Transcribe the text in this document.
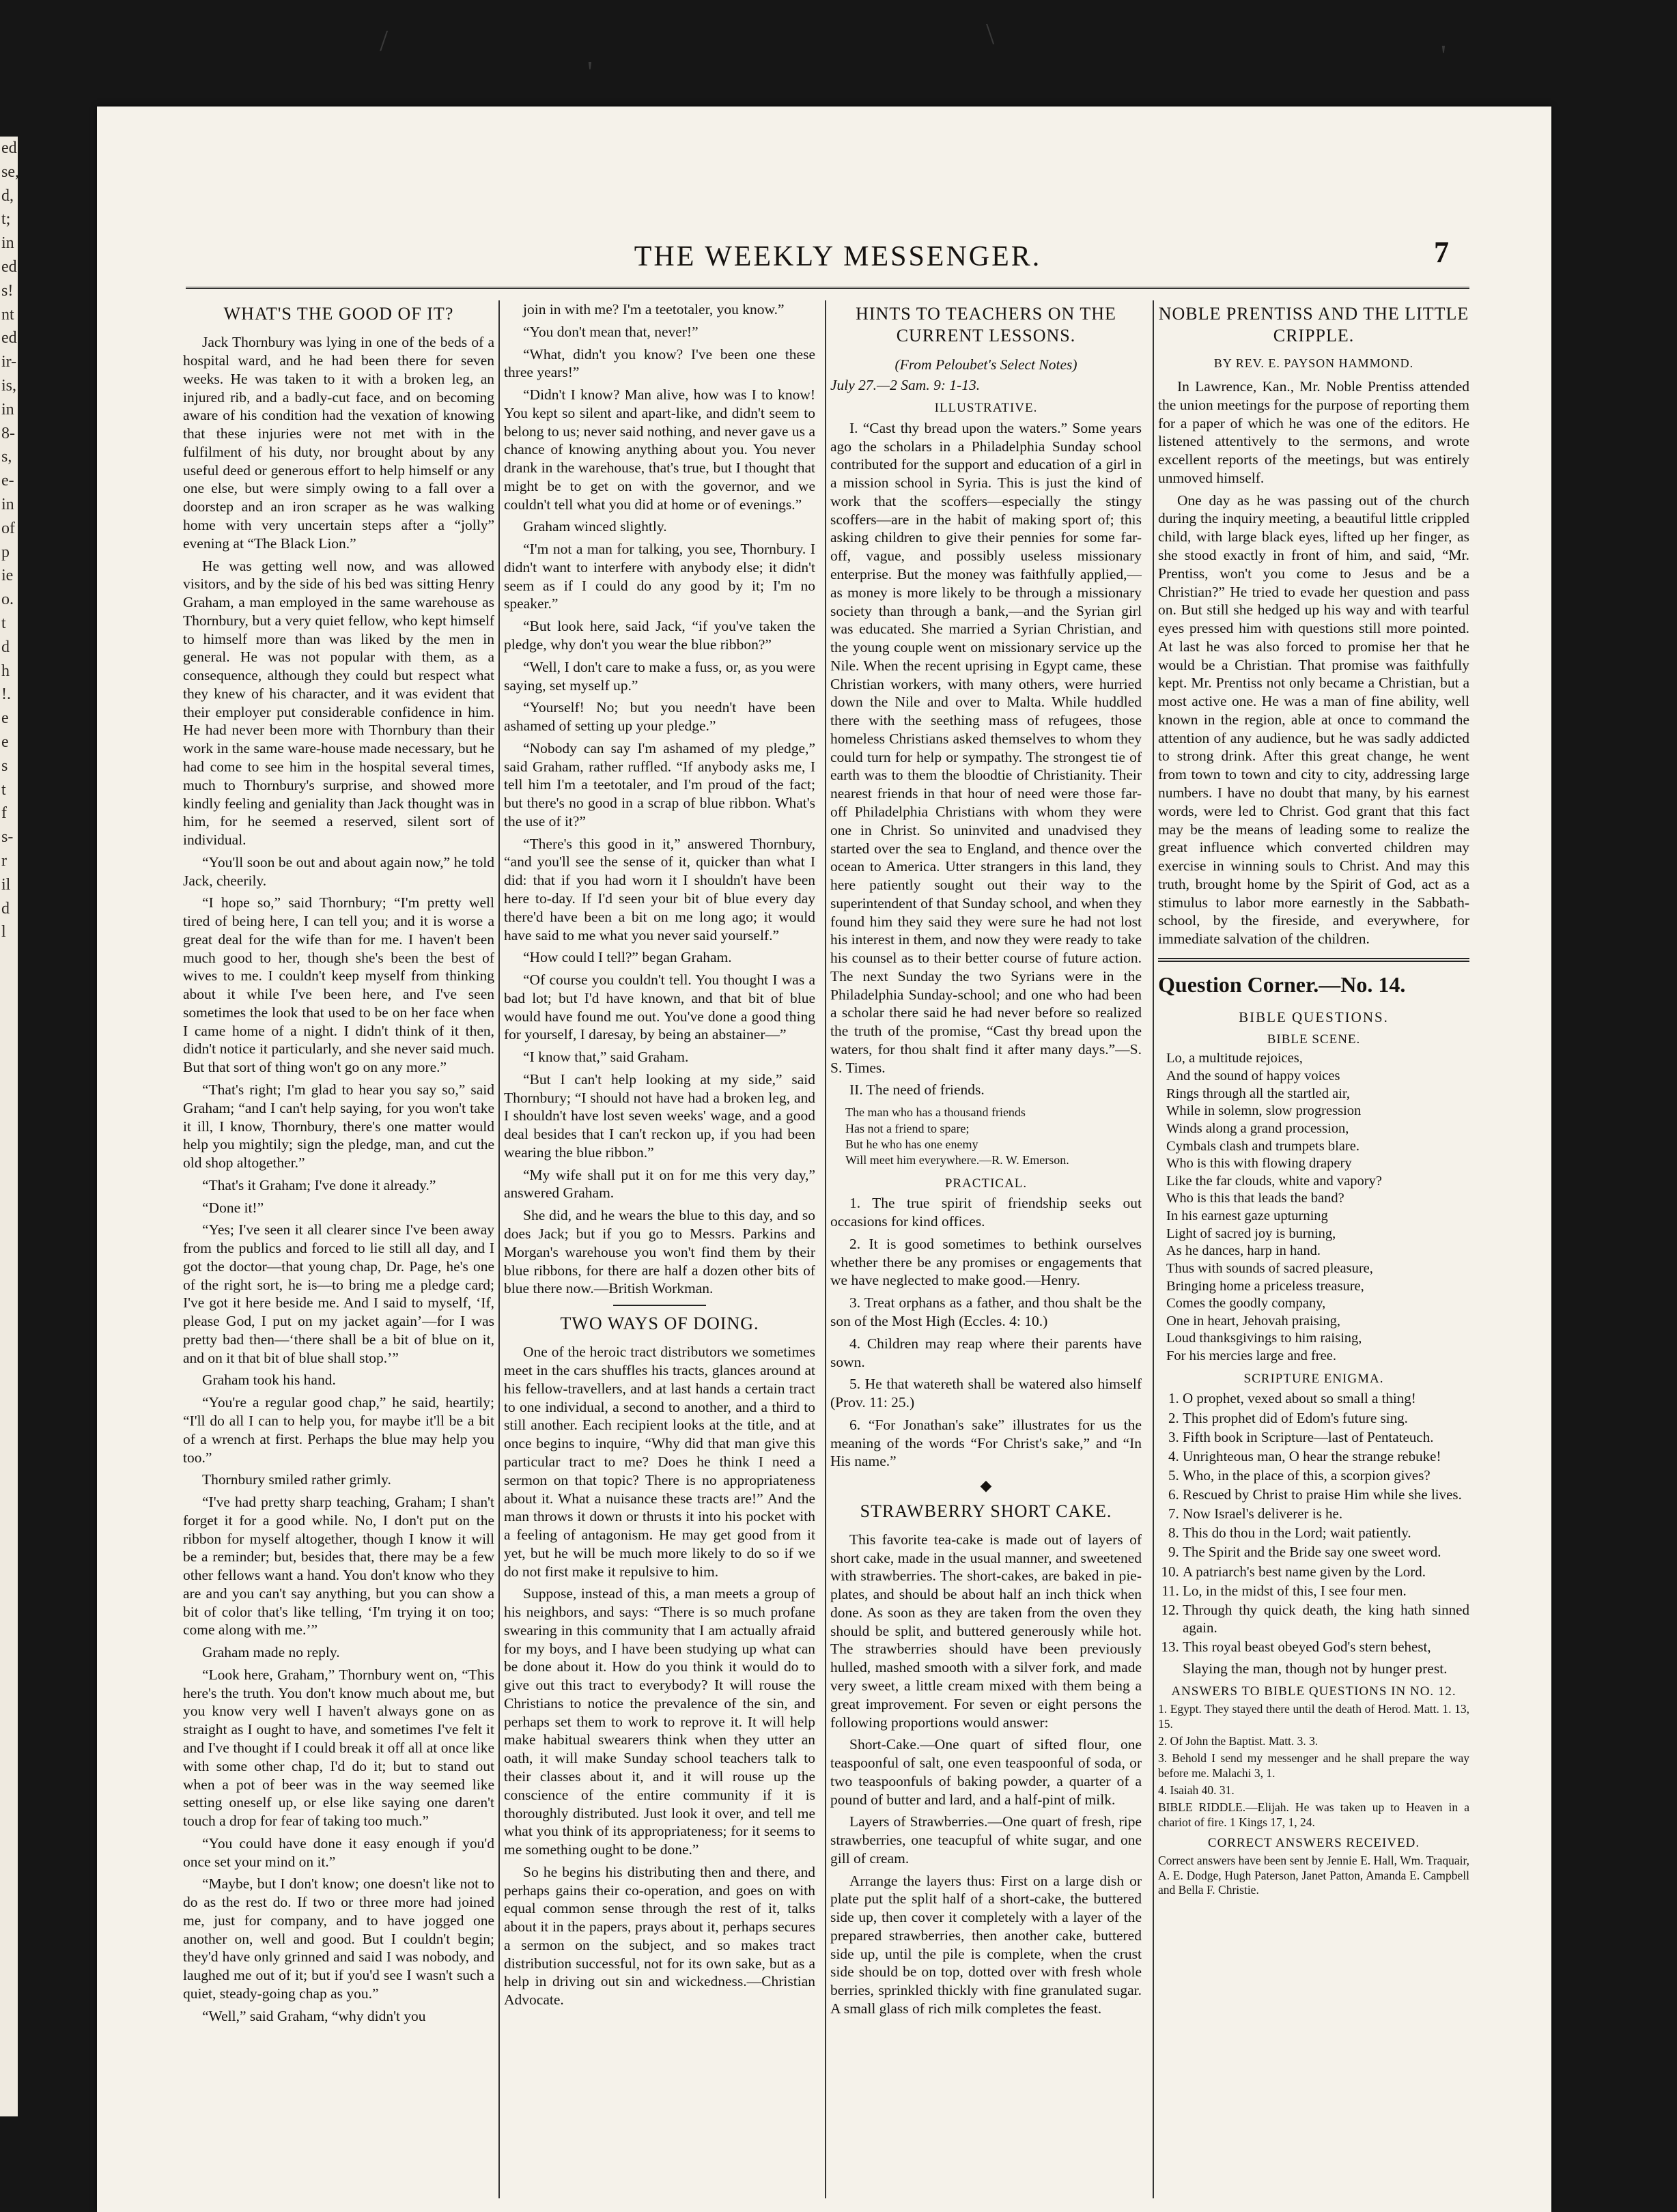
ed
se,
d,
t;
in
ed
s!
nt
ed
ir-
is,
in
8-
s,
e-
in
of
p
ie
o.
t
d
h
!.
e
e
s
t
f
s-
r
il
d
l
/
'
\
'
THE WEEKLY MESSENGER.	7
WHAT'S THE GOOD OF IT?

Jack Thornbury was lying in one of the beds of a hospital ward, and he had been there for seven weeks. He was taken to it with a broken leg, an injured rib, and a badly-cut face, and on becoming aware of his condition had the vexation of knowing that these injuries were not met with in the fulfilment of his duty, nor brought about by any useful deed or generous effort to help himself or any one else, but were simply owing to a fall over a doorstep and an iron scraper as he was walking home with very uncertain steps after a “jolly” evening at “The Black Lion.”

He was getting well now, and was allowed visitors, and by the side of his bed was sitting Henry Graham, a man employed in the same warehouse as Thornbury, but a very quiet fellow, who kept himself to himself more than was liked by the men in general. He was not popular with them, as a consequence, although they could but respect what they knew of his character, and it was evident that their employer put considerable confidence in him. He had never been more with Thornbury than their work in the same ware-house made necessary, but he had come to see him in the hospital several times, much to Thornbury's surprise, and showed more kindly feeling and geniality than Jack thought was in him, for he seemed a reserved, silent sort of individual.

“You'll soon be out and about again now,” he told Jack, cheerily.

“I hope so,” said Thornbury; “I'm pretty well tired of being here, I can tell you; and it is worse a great deal for the wife than for me. I haven't been much good to her, though she's been the best of wives to me. I couldn't keep myself from thinking about it while I've been here, and I've seen sometimes the look that used to be on her face when I came home of a night. I didn't think of it then, didn't notice it particularly, and she never said much. But that sort of thing won't go on any more.”

“That's right; I'm glad to hear you say so,” said Graham; “and I can't help saying, for you won't take it ill, I know, Thornbury, there's one matter would help you mightily; sign the pledge, man, and cut the old shop altogether.”

“That's it Graham; I've done it already.”

“Done it!”

“Yes; I've seen it all clearer since I've been away from the publics and forced to lie still all day, and I got the doctor—that young chap, Dr. Page, he's one of the right sort, he is—to bring me a pledge card; I've got it here beside me. And I said to myself, ‘If, please God, I put on my jacket again’—for I was pretty bad then—‘there shall be a bit of blue on it, and on it that bit of blue shall stop.’”

Graham took his hand.

“You're a regular good chap,” he said, heartily; “I'll do all I can to help you, for maybe it'll be a bit of a wrench at first. Perhaps the blue may help you too.”

Thornbury smiled rather grimly.

“I've had pretty sharp teaching, Graham; I shan't forget it for a good while. No, I don't put on the ribbon for myself altogether, though I know it will be a reminder; but, besides that, there may be a few other fellows want a hand. You don't know who they are and you can't say anything, but you can show a bit of color that's like telling, ‘I'm trying it on too; come along with me.’”

Graham made no reply.

“Look here, Graham,” Thornbury went on, “This here's the truth. You don't know much about me, but you know very well I haven't always gone on as straight as I ought to have, and sometimes I've felt it and I've thought if I could break it off all at once like with some other chap, I'd do it; but to stand out when a pot of beer was in the way seemed like setting oneself up, or else like saying one daren't touch a drop for fear of taking too much.”

“You could have done it easy enough if you'd once set your mind on it.”

“Maybe, but I don't know; one doesn't like not to do as the rest do. If two or three more had joined me, just for company, and to have jogged one another on, well and good. But I couldn't begin; they'd have only grinned and said I was nobody, and laughed me out of it; but if you'd see I wasn't such a quiet, steady-going chap as you.”

“Well,” said Graham, “why didn't you

join in with me? I'm a teetotaler, you know.”

“You don't mean that, never!”

“What, didn't you know? I've been one these three years!”

“Didn't I know? Man alive, how was I to know! You kept so silent and apart-like, and didn't seem to belong to us; never said nothing, and never gave us a chance of knowing anything about you. You never drank in the warehouse, that's true, but I thought that might be to get on with the governor, and we couldn't tell what you did at home or of evenings.”

Graham winced slightly.

“I'm not a man for talking, you see, Thornbury. I didn't want to interfere with anybody else; it didn't seem as if I could do any good by it; I'm no speaker.”

“But look here, said Jack, “if you've taken the pledge, why don't you wear the blue ribbon?”

“Well, I don't care to make a fuss, or, as you were saying, set myself up.”

“Yourself! No; but you needn't have been ashamed of setting up your pledge.”

“Nobody can say I'm ashamed of my pledge,” said Graham, rather ruffled. “If anybody asks me, I tell him I'm a teetotaler, and I'm proud of the fact; but there's no good in a scrap of blue ribbon. What's the use of it?”

“There's this good in it,” answered Thornbury, “and you'll see the sense of it, quicker than what I did: that if you had worn it I shouldn't have been here to-day. If I'd seen your bit of blue every day there'd have been a bit on me long ago; it would have said to me what you never said yourself.”

“How could I tell?” began Graham.

“Of course you couldn't tell. You thought I was a bad lot; but I'd have known, and that bit of blue would have found me out. You've done a good thing for yourself, I daresay, by being an abstainer—”

“I know that,” said Graham.

“But I can't help looking at my side,” said Thornbury; “I should not have had a broken leg, and I shouldn't have lost seven weeks' wage, and a good deal besides that I can't reckon up, if you had been wearing the blue ribbon.”

“My wife shall put it on for me this very day,” answered Graham.

She did, and he wears the blue to this day, and so does Jack; but if you go to Messrs. Parkins and Morgan's warehouse you won't find them by their blue ribbons, for there are half a dozen other bits of blue there now.—British Workman.

TWO WAYS OF DOING.

One of the heroic tract distributors we sometimes meet in the cars shuffles his tracts, glances around at his fellow-travellers, and at last hands a certain tract to one individual, a second to another, and a third to still another. Each recipient looks at the title, and at once begins to inquire, “Why did that man give this particular tract to me? Does he think I need a sermon on that topic? There is no appropriateness about it. What a nuisance these tracts are!” And the man throws it down or thrusts it into his pocket with a feeling of antagonism. He may get good from it yet, but he will be much more likely to do so if we do not first make it repulsive to him.

Suppose, instead of this, a man meets a group of his neighbors, and says: “There is so much profane swearing in this community that I am actually afraid for my boys, and I have been studying up what can be done about it. How do you think it would do to give out this tract to everybody? It will rouse the Christians to notice the prevalence of the sin, and perhaps set them to work to reprove it. It will help make habitual swearers think when they utter an oath, it will make Sunday school teachers talk to their classes about it, and it will rouse up the conscience of the entire community if it is thoroughly distributed. Just look it over, and tell me what you think of its appropriateness; for it seems to me something ought to be done.”

So he begins his distributing then and there, and perhaps gains their co-operation, and goes on with equal common sense through the rest of it, talks about it in the papers, prays about it, perhaps secures a sermon on the subject, and so makes tract distribution successful, not for its own sake, but as a help in driving out sin and wickedness.—Christian Advocate.

HINTS TO TEACHERS ON THE CURRENT LESSONS.
(From Peloubet's Select Notes)

July 27.—2 Sam. 9: 1-13.

ILLUSTRATIVE.

I. “Cast thy bread upon the waters.” Some years ago the scholars in a Philadelphia Sunday school contributed for the support and education of a girl in a mission school in Syria. This is just the kind of work that the scoffers—especially the stingy scoffers—are in the habit of making sport of; this asking children to give their pennies for some far-off, vague, and possibly useless missionary enterprise. But the money was faithfully applied,—as money is more likely to be through a missionary society than through a bank,—and the Syrian girl was educated. She married a Syrian Christian, and the young couple went on missionary service up the Nile. When the recent uprising in Egypt came, these Christian workers, with many others, were hurried down the Nile and over to Malta. While huddled there with the seething mass of refugees, those homeless Christians asked themselves to whom they could turn for help or sympathy. The strongest tie of earth was to them the bloodtie of Christianity. Their nearest friends in that hour of need were those far-off Philadelphia Christians with whom they were one in Christ. So uninvited and unadvised they started over the sea to England, and thence over the ocean to America. Utter strangers in this land, they here patiently sought out their way to the superintendent of that Sunday school, and when they found him they said they were sure he had not lost his interest in them, and now they were ready to take his counsel as to their better course of future action. The next Sunday the two Syrians were in the Philadelphia Sunday-school; and one who had been a scholar there said he had never before so realized the truth of the promise, “Cast thy bread upon the waters, for thou shalt find it after many days.”—S. S. Times.

II. The need of friends.

The man who has a thousand friends
Has not a friend to spare;
But he who has one enemy
Will meet him everywhere.—R. W. Emerson.
PRACTICAL.

1. The true spirit of friendship seeks out occasions for kind offices.

2. It is good sometimes to bethink ourselves whether there be any promises or engagements that we have neglected to make good.—Henry.

3. Treat orphans as a father, and thou shalt be the son of the Most High (Eccles. 4: 10.)

4. Children may reap where their parents have sown.

5. He that watereth shall be watered also himself (Prov. 11: 25.)

6. “For Jonathan's sake” illustrates for us the meaning of the words “For Christ's sake,” and “In His name.”

◆
STRAWBERRY SHORT CAKE.

This favorite tea-cake is made out of layers of short cake, made in the usual manner, and sweetened with strawberries. The short-cakes, are baked in pie-plates, and should be about half an inch thick when done. As soon as they are taken from the oven they should be split, and buttered generously while hot. The strawberries should have been previously hulled, mashed smooth with a silver fork, and made very sweet, a little cream mixed with them being a great improvement. For seven or eight persons the following proportions would answer:

Short-Cake.—One quart of sifted flour, one teaspoonful of salt, one even teaspoonful of soda, or two teaspoonfuls of baking powder, a quarter of a pound of butter and lard, and a half-pint of milk.

Layers of Strawberries.—One quart of fresh, ripe strawberries, one teacupful of white sugar, and one gill of cream.

Arrange the layers thus: First on a large dish or plate put the split half of a short-cake, the buttered side up, then cover it completely with a layer of the prepared strawberries, then another cake, buttered side up, until the pile is complete, when the crust side should be on top, dotted over with fresh whole berries, sprinkled thickly with fine granulated sugar. A small glass of rich milk completes the feast.

NOBLE PRENTISS AND THE LITTLE CRIPPLE.
BY REV. E. PAYSON HAMMOND.

In Lawrence, Kan., Mr. Noble Prentiss attended the union meetings for the purpose of reporting them for a paper of which he was one of the editors. He listened attentively to the sermons, and wrote excellent reports of the meetings, but was entirely unmoved himself.

One day as he was passing out of the church during the inquiry meeting, a beautiful little crippled child, with large black eyes, lifted up her finger, as she stood exactly in front of him, and said, “Mr. Prentiss, won't you come to Jesus and be a Christian?” He tried to evade her question and pass on. But still she hedged up his way and with tearful eyes pressed him with questions still more pointed. At last he was also forced to promise her that he would be a Christian. That promise was faithfully kept. Mr. Prentiss not only became a Christian, but a most active one. He was a man of fine ability, well known in the region, able at once to command the attention of any audience, but he was sadly addicted to strong drink. After this great change, he went from town to town and city to city, addressing large numbers. I have no doubt that many, by his earnest words, were led to Christ. God grant that this fact may be the means of leading some to realize the great influence which converted children may exercise in winning souls to Christ. And may this truth, brought home by the Spirit of God, act as a stimulus to labor more earnestly in the Sabbath-school, by the fireside, and everywhere, for immediate salvation of the children.

Question Corner.—No. 14.
BIBLE QUESTIONS.
BIBLE SCENE.
Lo, a multitude rejoices,
And the sound of happy voices
Rings through all the startled air,
While in solemn, slow progression
Winds along a grand procession,
Cymbals clash and trumpets blare.
Who is this with flowing drapery
Like the far clouds, white and vapory?
Who is this that leads the band?
In his earnest gaze upturning
Light of sacred joy is burning,
As he dances, harp in hand.
Thus with sounds of sacred pleasure,
Bringing home a priceless treasure,
Comes the goodly company,
One in heart, Jehovah praising,
Loud thanksgivings to him raising,
For his mercies large and free.
SCRIPTURE ENIGMA.
1. O prophet, vexed about so small a thing!
2. This prophet did of Edom's future sing.
3. Fifth book in Scripture—last of Pentateuch.
4. Unrighteous man, O hear the strange rebuke!
5. Who, in the place of this, a scorpion gives?
6. Rescued by Christ to praise Him while she lives.
7. Now Israel's deliverer is he.
8. This do thou in the Lord; wait patiently.
9. The Spirit and the Bride say one sweet word.
10. A patriarch's best name given by the Lord.
11. Lo, in the midst of this, I see four men.
12. Through thy quick death, the king hath sinned again.
13. This royal beast obeyed God's stern behest,

Slaying the man, though not by hunger prest.

ANSWERS TO BIBLE QUESTIONS IN NO. 12.

1. Egypt. They stayed there until the death of Herod. Matt. 1. 13, 15.

2. Of John the Baptist. Matt. 3. 3.

3. Behold I send my messenger and he shall prepare the way before me. Malachi 3, 1.

4. Isaiah 40. 31.

BIBLE RIDDLE.—Elijah. He was taken up to Heaven in a chariot of fire. 1 Kings 17, 1, 24.

CORRECT ANSWERS RECEIVED.

Correct answers have been sent by Jennie E. Hall, Wm. Traquair, A. E. Dodge, Hugh Paterson, Janet Patton, Amanda E. Campbell and Bella F. Christie.
